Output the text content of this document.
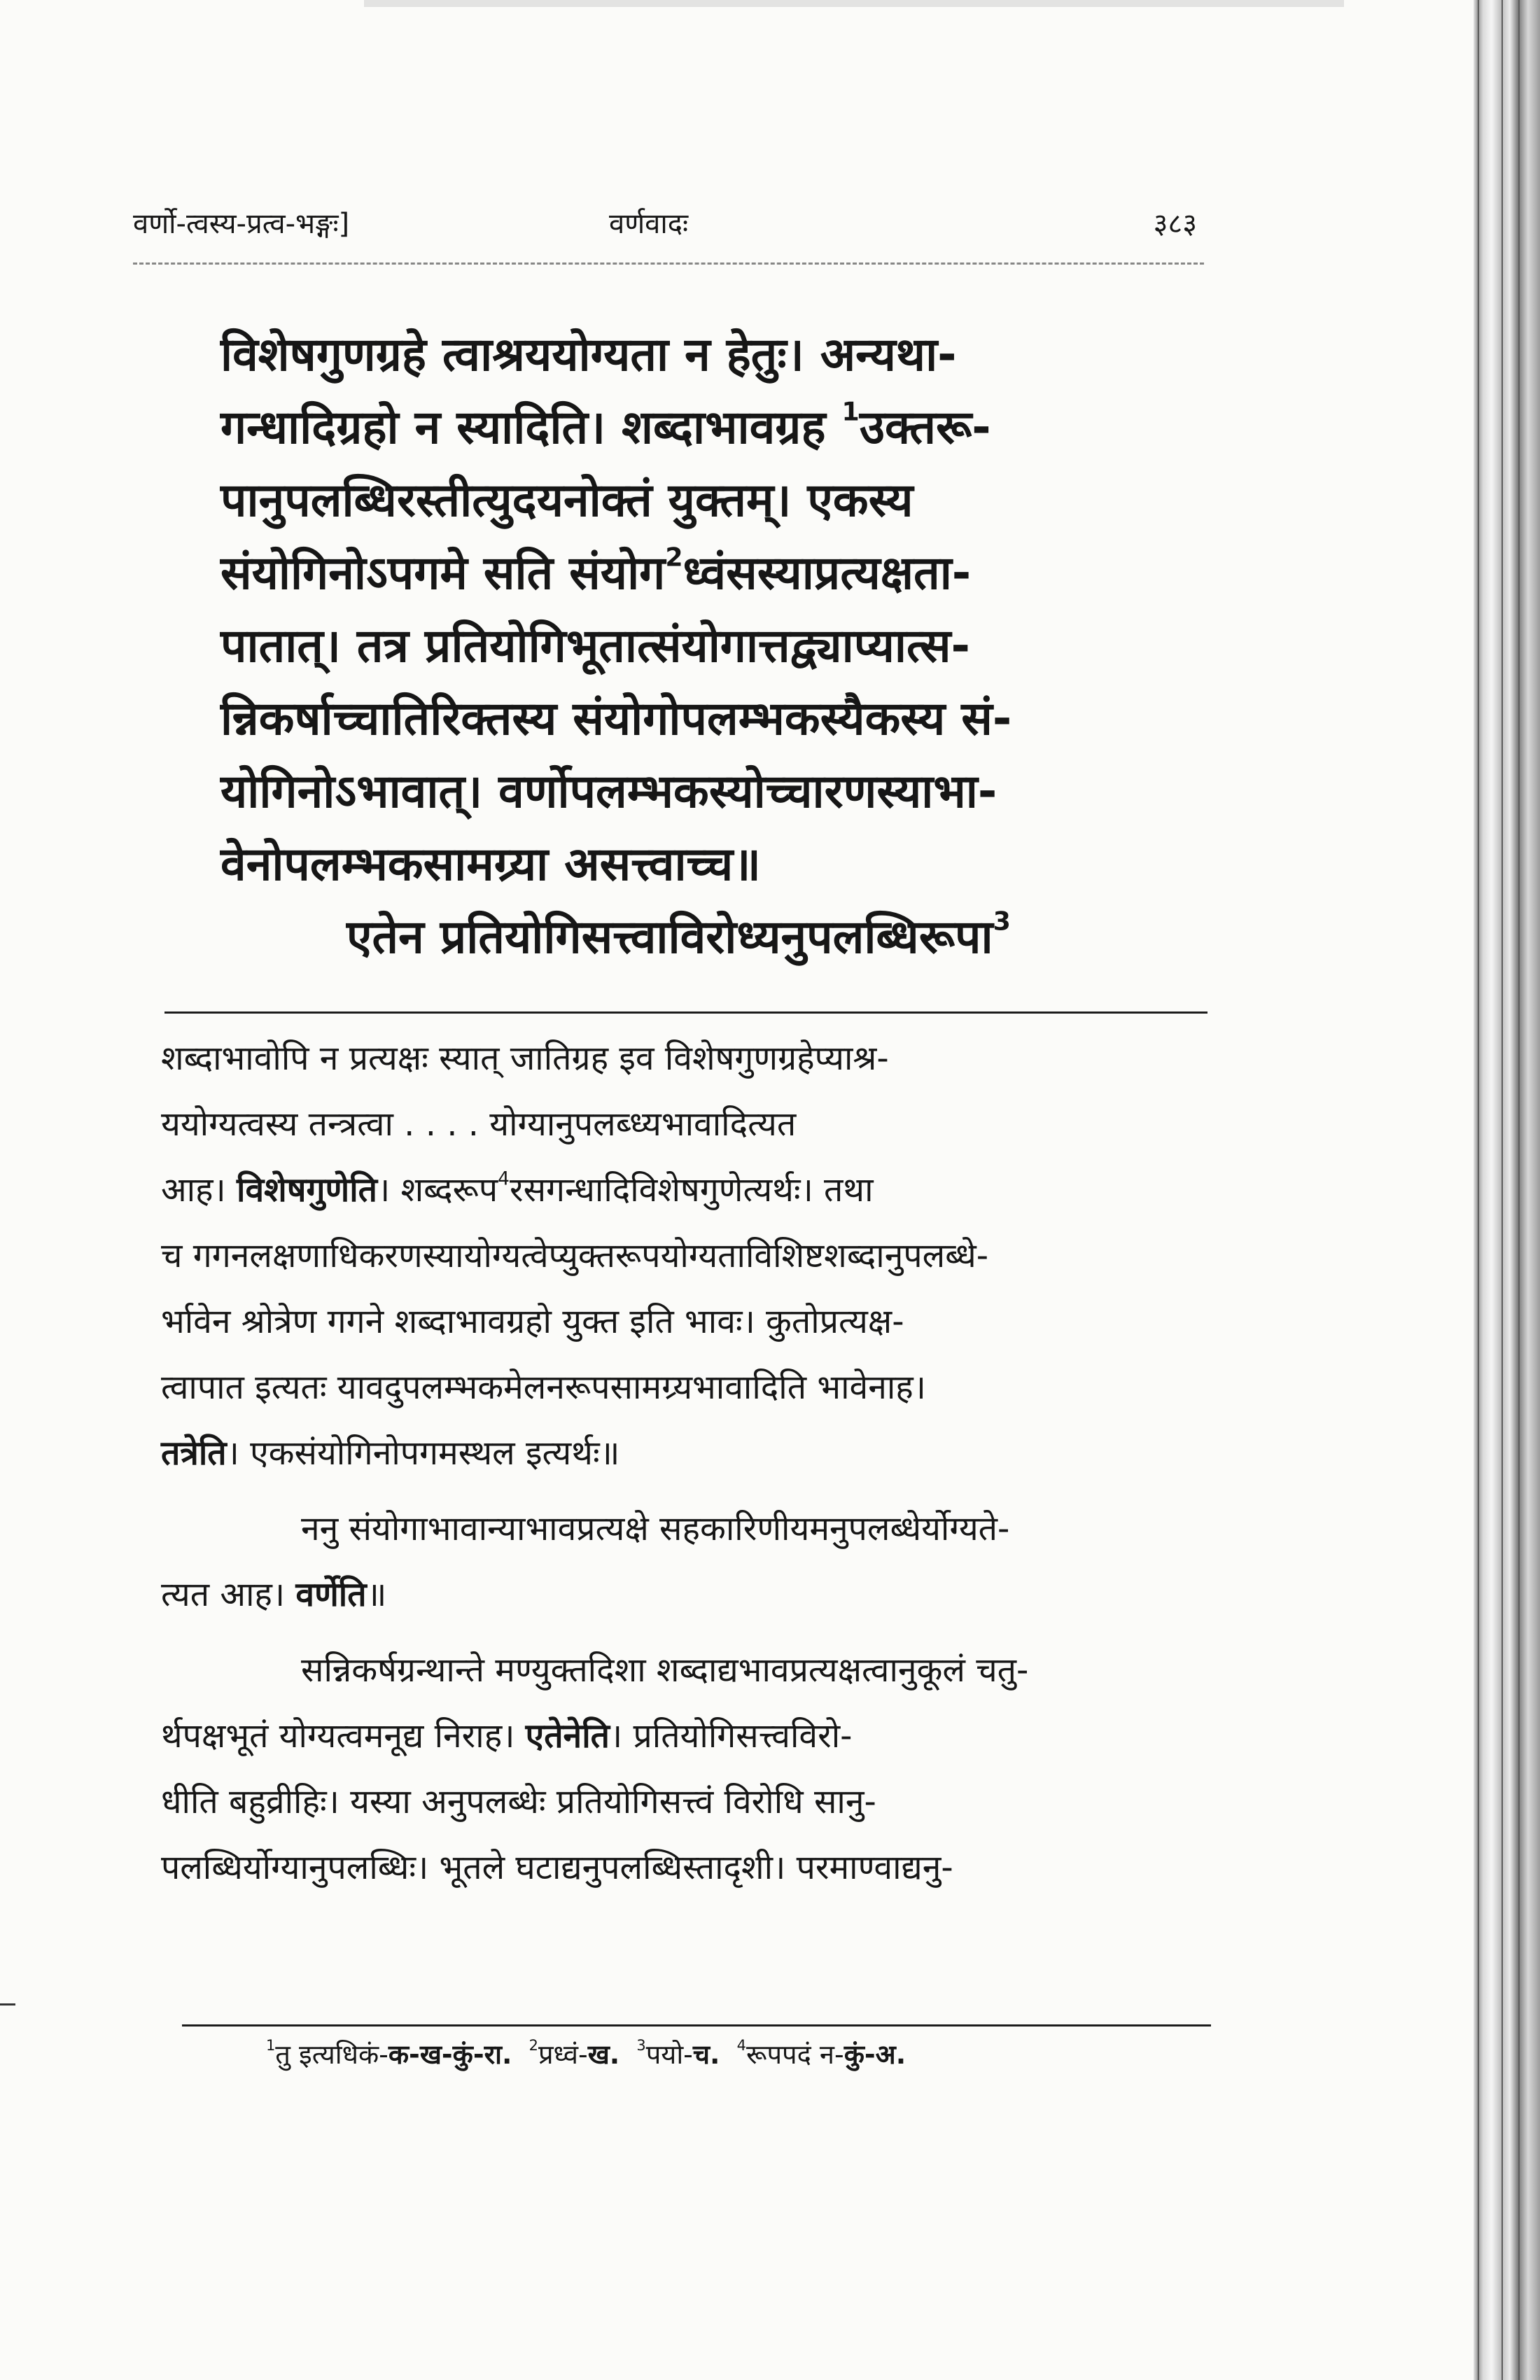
वर्णो-त्वस्य-प्रत्व-भङ्गः]	वर्णवादः	३८३

विशेषगुणग्रहे त्वाश्रययोग्यता न हेतुः। अन्यथा-

गन्धादिग्रहो न स्यादिति। शब्दाभावग्रह $^1$उक्तरू-

पानुपलब्धिरस्तीत्युदयनोक्तं युक्तम्। एकस्य

संयोगिनोऽपगमे सति संयोग$^2$ध्वंसस्याप्रत्यक्षता-

पातात्। तत्र प्रतियोगिभूतात्संयोगात्तद्व्याप्यात्स-

न्निकर्षाच्चातिरिक्तस्य संयोगोपलम्भकस्यैकस्य सं-

योगिनोऽभावात्। वर्णोपलम्भकस्योच्चारणस्याभा-

वेनोपलम्भकसामग्र्या असत्त्वाच्च॥

एतेन प्रतियोगिसत्त्वाविरोध्यनुपलब्धिरूपा$^3$

शब्दाभावोपि न प्रत्यक्षः स्यात् जातिग्रह इव विशेषगुणग्रहेप्याश्र-

ययोग्यत्वस्य तन्त्रत्वा . . . . योग्यानुपलब्ध्यभावादित्यत

आह। विशेषगुणेति। शब्दरूप$^4$रसगन्धादिविशेषगुणेत्यर्थः। तथा

च गगनलक्षणाधिकरणस्यायोग्यत्वेप्युक्तरूपयोग्यताविशिष्टशब्दानुपलब्धे-

र्भावेन श्रोत्रेण गगने शब्दाभावग्रहो युक्त इति भावः। कुतोप्रत्यक्ष-

त्वापात इत्यतः यावदुपलम्भकमेलनरूपसामग्र्यभावादिति भावेनाह।

तत्रेति। एकसंयोगिनोपगमस्थल इत्यर्थः॥

ननु संयोगाभावान्याभावप्रत्यक्षे सहकारिणीयमनुपलब्धेर्योग्यते-

त्यत आह। वर्णेति॥

सन्निकर्षग्रन्थान्ते मण्युक्तदिशा शब्दाद्यभावप्रत्यक्षत्वानुकूलं चतु-

र्थपक्षभूतं योग्यत्वमनूद्य निराह। एतेनेति। प्रतियोगिसत्त्वविरो-

धीति बहुव्रीहिः। यस्या अनुपलब्धेः प्रतियोगिसत्त्वं विरोधि सानु-

पलब्धिर्योग्यानुपलब्धिः। भूतले घटाद्यनुपलब्धिस्तादृशी। परमाण्वाद्यनु-

$^1$तु इत्यधिकं-क-ख-कुं-रा. $^2$प्रध्वं-ख. $^3$पयो-च. $^4$रूपपदं न-कुं-अ.
